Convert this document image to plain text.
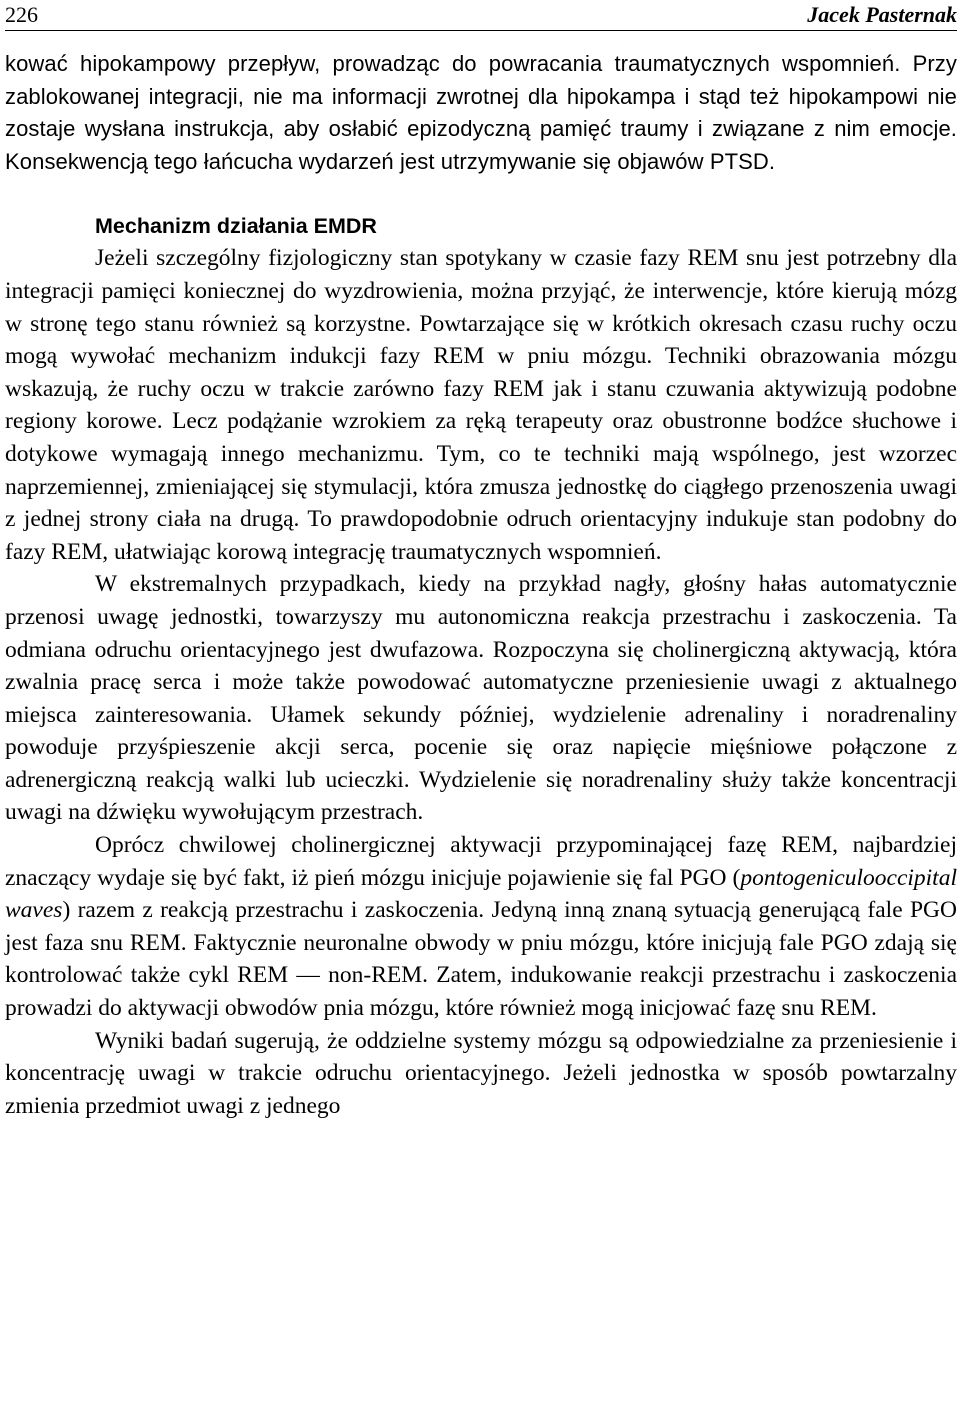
226	Jacek Pasternak

kować hipokampowy przepływ, prowadząc do powracania traumatycznych wspomnień. Przy zablokowanej integracji, nie ma informacji zwrotnej dla hipokampa i stąd też hipokampowi nie zostaje wysłana instrukcja, aby osłabić epizodyczną pamięć traumy i związane z nim emocje. Konsekwencją tego łańcucha wydarzeń jest utrzymywanie się objawów PTSD.

Mechanizm działania EMDR

Jeżeli szczególny fizjologiczny stan spotykany w czasie fazy REM snu jest potrzebny dla integracji pamięci koniecznej do wyzdrowienia, można przyjąć, że interwencje, które kierują mózg w stronę tego stanu również są korzystne. Powtarzające się w krótkich okresach czasu ruchy oczu mogą wywołać mechanizm indukcji fazy REM w pniu mózgu. Techniki obrazowania mózgu wskazują, że ruchy oczu w trakcie zarówno fazy REM jak i stanu czuwania aktywizują podobne regiony korowe. Lecz podążanie wzrokiem za ręką terapeuty oraz obustronne bodźce słuchowe i dotykowe wymagają innego mechanizmu. Tym, co te techniki mają wspólnego, jest wzorzec naprzemiennej, zmieniającej się stymulacji, która zmusza jednostkę do ciągłego przenoszenia uwagi z jednej strony ciała na drugą. To prawdopodobnie odruch orientacyjny indukuje stan podobny do fazy REM, ułatwiając korową integrację traumatycznych wspomnień.

W ekstremalnych przypadkach, kiedy na przykład nagły, głośny hałas automatycznie przenosi uwagę jednostki, towarzyszy mu autonomiczna reakcja przestrachu i zaskoczenia. Ta odmiana odruchu orientacyjnego jest dwufazowa. Rozpoczyna się cholinergiczną aktywacją, która zwalnia pracę serca i może także powodować automatyczne przeniesienie uwagi z aktualnego miejsca zainteresowania. Ułamek sekundy później, wydzielenie adrenaliny i noradrenaliny powoduje przyśpieszenie akcji serca, pocenie się oraz napięcie mięśniowe połączone z adrenergiczną reakcją walki lub ucieczki. Wydzielenie się noradrenaliny służy także koncentracji uwagi na dźwięku wywołującym przestrach.

Oprócz chwilowej cholinergicznej aktywacji przypominającej fazę REM, najbardziej znaczący wydaje się być fakt, iż pień mózgu inicjuje pojawienie się fal PGO (pontogeniculooccipital waves) razem z reakcją przestrachu i zaskoczenia. Jedyną inną znaną sytuacją generującą fale PGO jest faza snu REM. Faktycznie neuronalne obwody w pniu mózgu, które inicjują fale PGO zdają się kontrolować także cykl REM — non-REM. Zatem, indukowanie reakcji przestrachu i zaskoczenia prowadzi do aktywacji obwodów pnia mózgu, które również mogą inicjować fazę snu REM.

Wyniki badań sugerują, że oddzielne systemy mózgu są odpowiedzialne za przeniesienie i koncentrację uwagi w trakcie odruchu orientacyjnego. Jeżeli jednostka w sposób powtarzalny zmienia przedmiot uwagi z jednego
